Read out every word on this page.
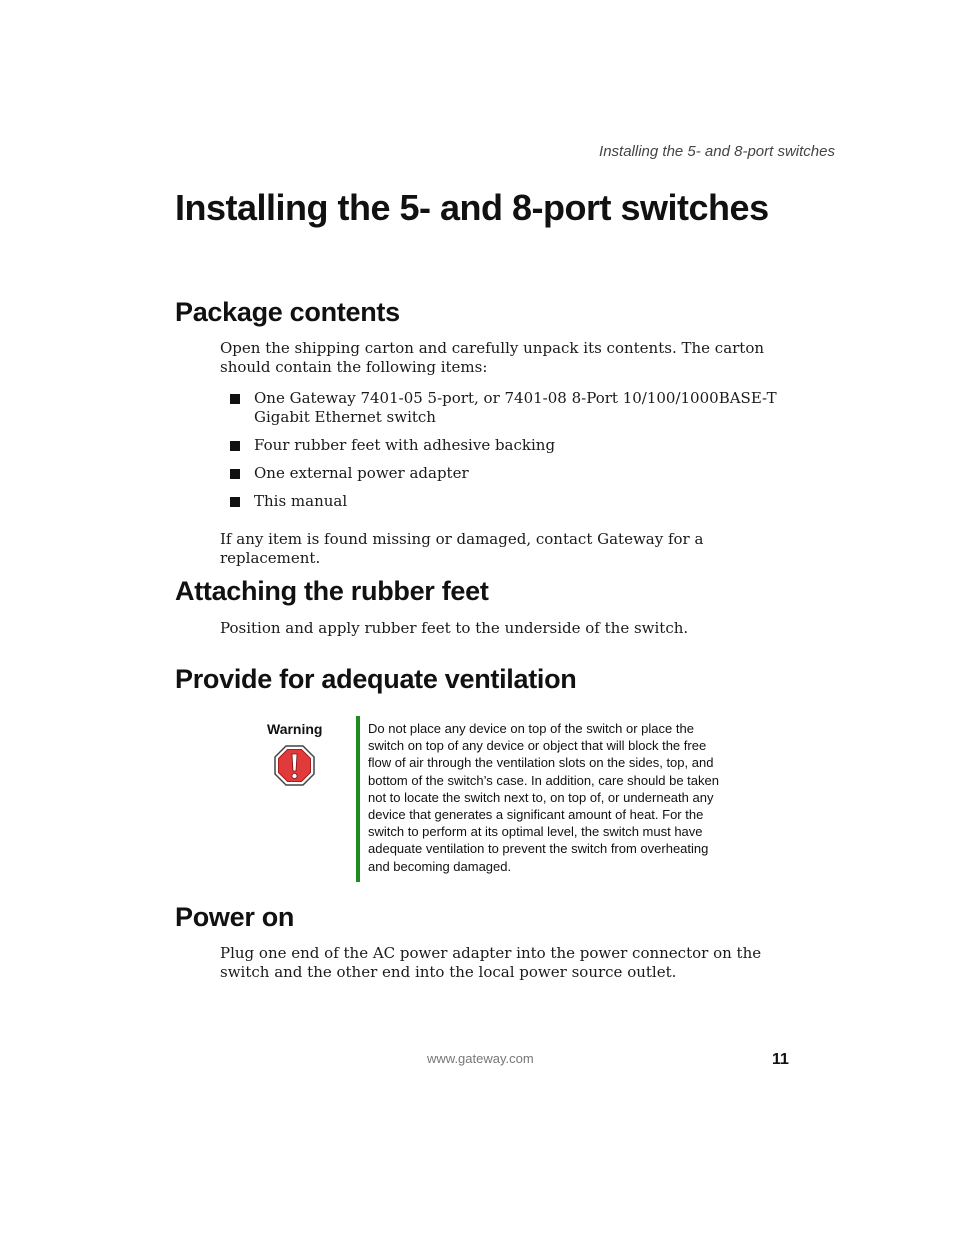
Installing the 5- and 8-port switches
Installing the 5- and 8-port switches
Package contents

Open the shipping carton and carefully unpack its contents. The carton should contain the following items:

One Gateway 7401-05 5-port, or 7401-08 8-Port 10/100/1000BASE-T Gigabit Ethernet switch
Four rubber feet with adhesive backing
One external power adapter
This manual

If any item is found missing or damaged, contact Gateway for a replacement.

Attaching the rubber feet

Position and apply rubber feet to the underside of the switch.

Provide for adequate ventilation
Warning	Do not place any device on top of the switch or place the switch on top of any device or object that will block the free flow of air through the ventilation slots on the sides, top, and bottom of the switch’s case. In addition, care should be taken not to locate the switch next to, on top of, or underneath any device that generates a significant amount of heat. For the switch to perform at its optimal level, the switch must have adequate ventilation to prevent the switch from overheating and becoming damaged.

Power on

Plug one end of the AC power adapter into the power connector on the switch and the other end into the local power source outlet.

www.gateway.com	11
